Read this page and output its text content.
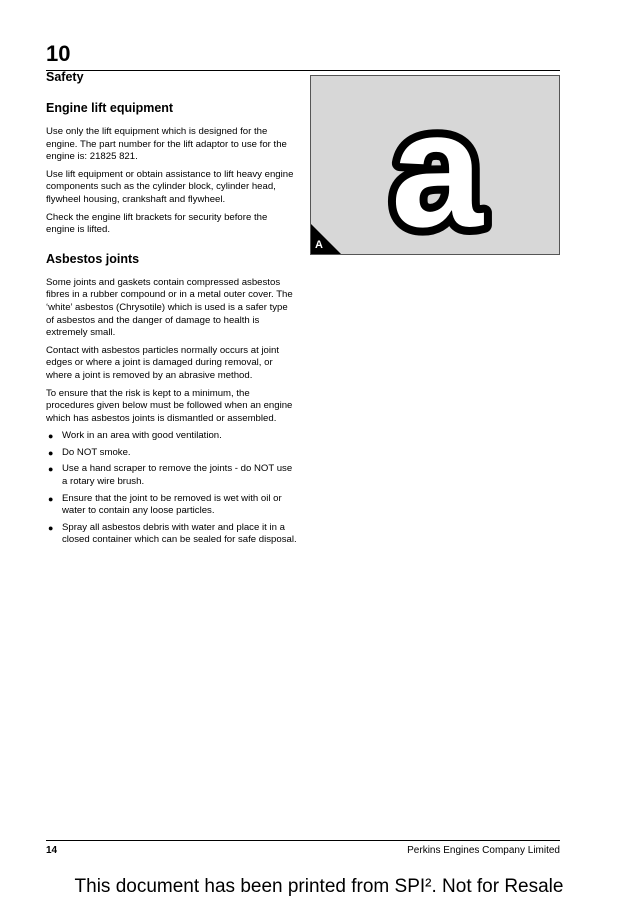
10
Safety
Engine lift equipment
Use only the lift equipment which is designed for the engine. The part number for the lift adaptor to use for the engine is: 21825 821.
Use lift equipment or obtain assistance to lift heavy engine components such as the cylinder block, cylinder head, flywheel housing, crankshaft and flywheel.
Check the engine lift brackets for security before the engine is lifted.
Asbestos joints
Some joints and gaskets contain compressed asbestos fibres in a rubber compound or in a metal outer cover. The ‘white’ asbestos (Chrysotile) which is used is a safer type of asbestos and the danger of damage to health is extremely small.
Contact with asbestos particles normally occurs at joint edges or where a joint is damaged during removal, or where a joint is removed by an abrasive method.
To ensure that the risk is kept to a minimum, the procedures given below must be followed when an engine which has asbestos joints is dismantled or assembled.
● Work in an area with good ventilation.
● Do NOT smoke.
● Use a hand scraper to remove the joints - do NOT use a rotary wire brush.
● Ensure that the joint to be removed is wet with oil or water to contain any loose particles.
● Spray all asbestos debris with water and place it in a closed container which can be sealed for safe disposal.
a
A
14	Perkins Engines Company Limited
This document has been printed from SPI². Not for Resale
